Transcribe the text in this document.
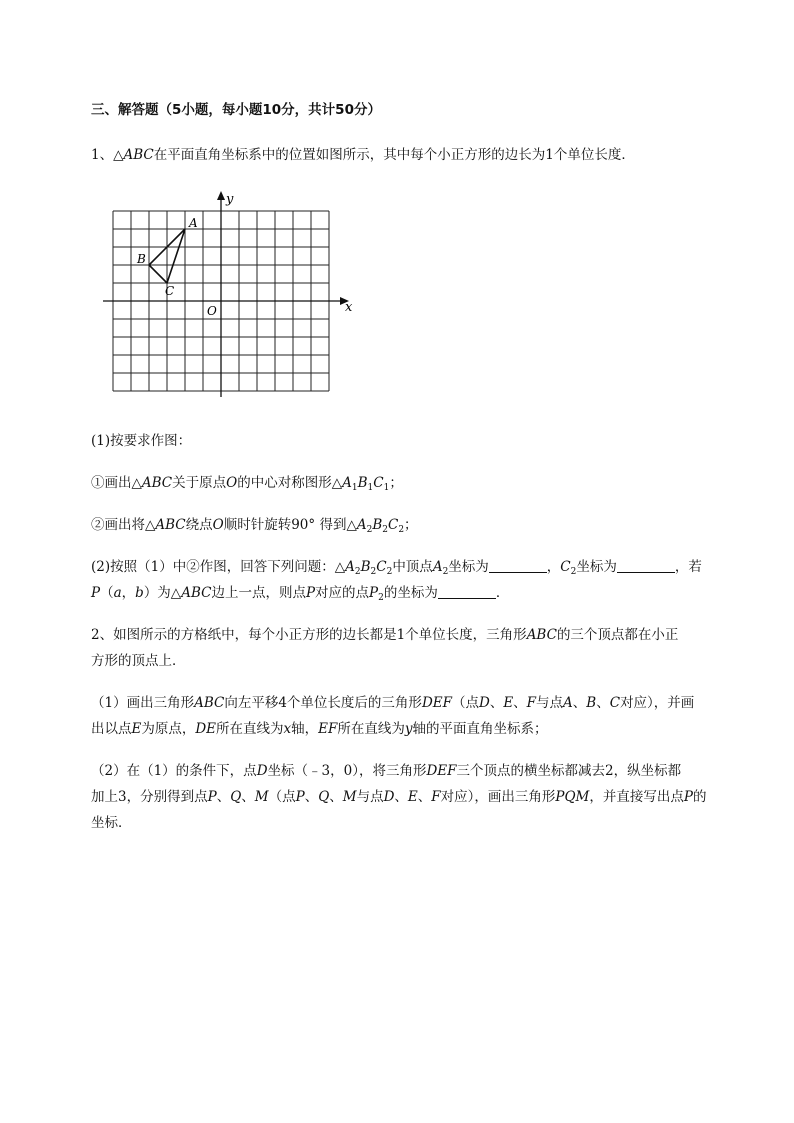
三、解答题（5小题，每小题10分，共计50分）
1、△ABC在平面直角坐标系中的位置如图所示，其中每个小正方形的边长为1个单位长度．
A
B
C
O	x
y
(1)按要求作图：
①画出△ABC关于原点O的中心对称图形$\triangle A_1B_1C_1$；
②画出将△ABC绕点O顺时针旋转90° 得到$\triangle A_2B_2C_2$；
(2)按照（1）中②作图，回答下列问题：$\triangle A_2B_2C_2$中顶点$A_2$坐标为	，$C_2$坐标为	，若
P（a，b）为△ABC边上一点，则点P对应的点$P_2$的坐标为	．
2、如图所示的方格纸中，每个小正方形的边长都是1个单位长度，三角形ABC的三个顶点都在小正
方形的顶点上．
（1）画出三角形ABC向左平移4个单位长度后的三角形DEF（点D、E、F与点A、B、C对应），并画
出以点E为原点，DE所在直线为x轴，EF所在直线为y轴的平面直角坐标系；
（2）在（1）的条件下，点D坐标（﹣3，0），将三角形DEF三个顶点的横坐标都减去2，纵坐标都
加上3，分别得到点P、Q、M（点P、Q、M与点D、E、F对应），画出三角形PQM，并直接写出点P的
坐标．
